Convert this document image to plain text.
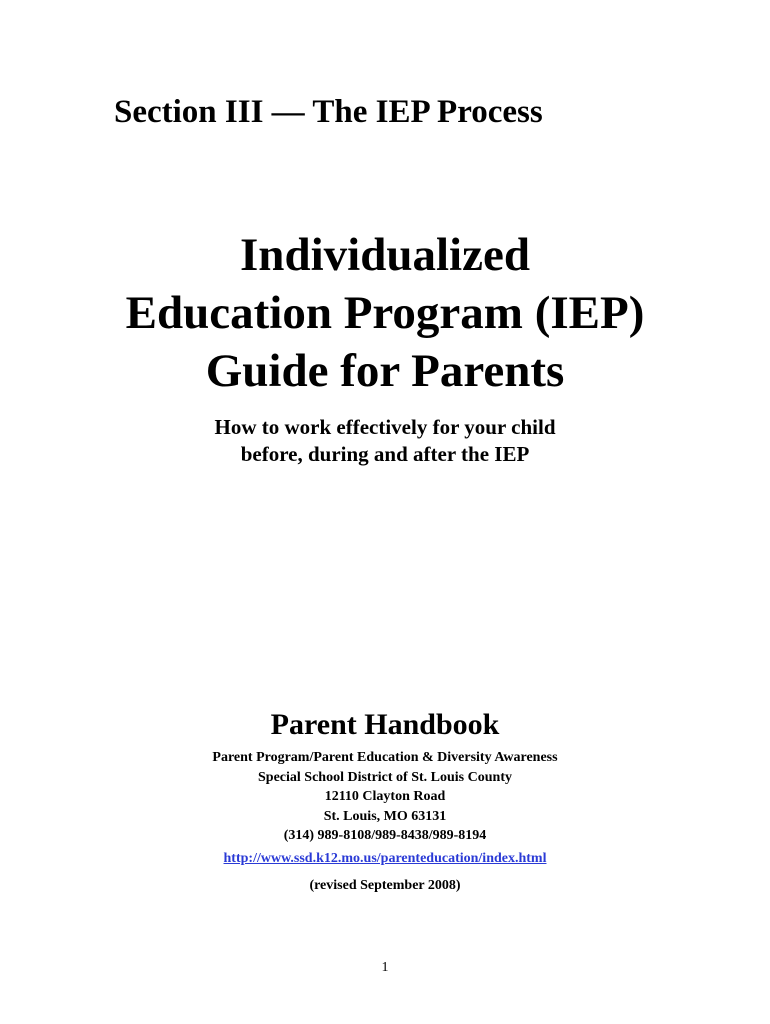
Section III — The IEP Process
Individualized
Education Program (IEP)
Guide for Parents
How to work effectively for your child
before, during and after the IEP
Parent Handbook
Parent Program/Parent Education & Diversity Awareness
Special School District of St. Louis County
12110 Clayton Road
St. Louis, MO 63131
(314) 989-8108/989-8438/989-8194
http://www.ssd.k12.mo.us/parenteducation/index.html
(revised September 2008)
1
